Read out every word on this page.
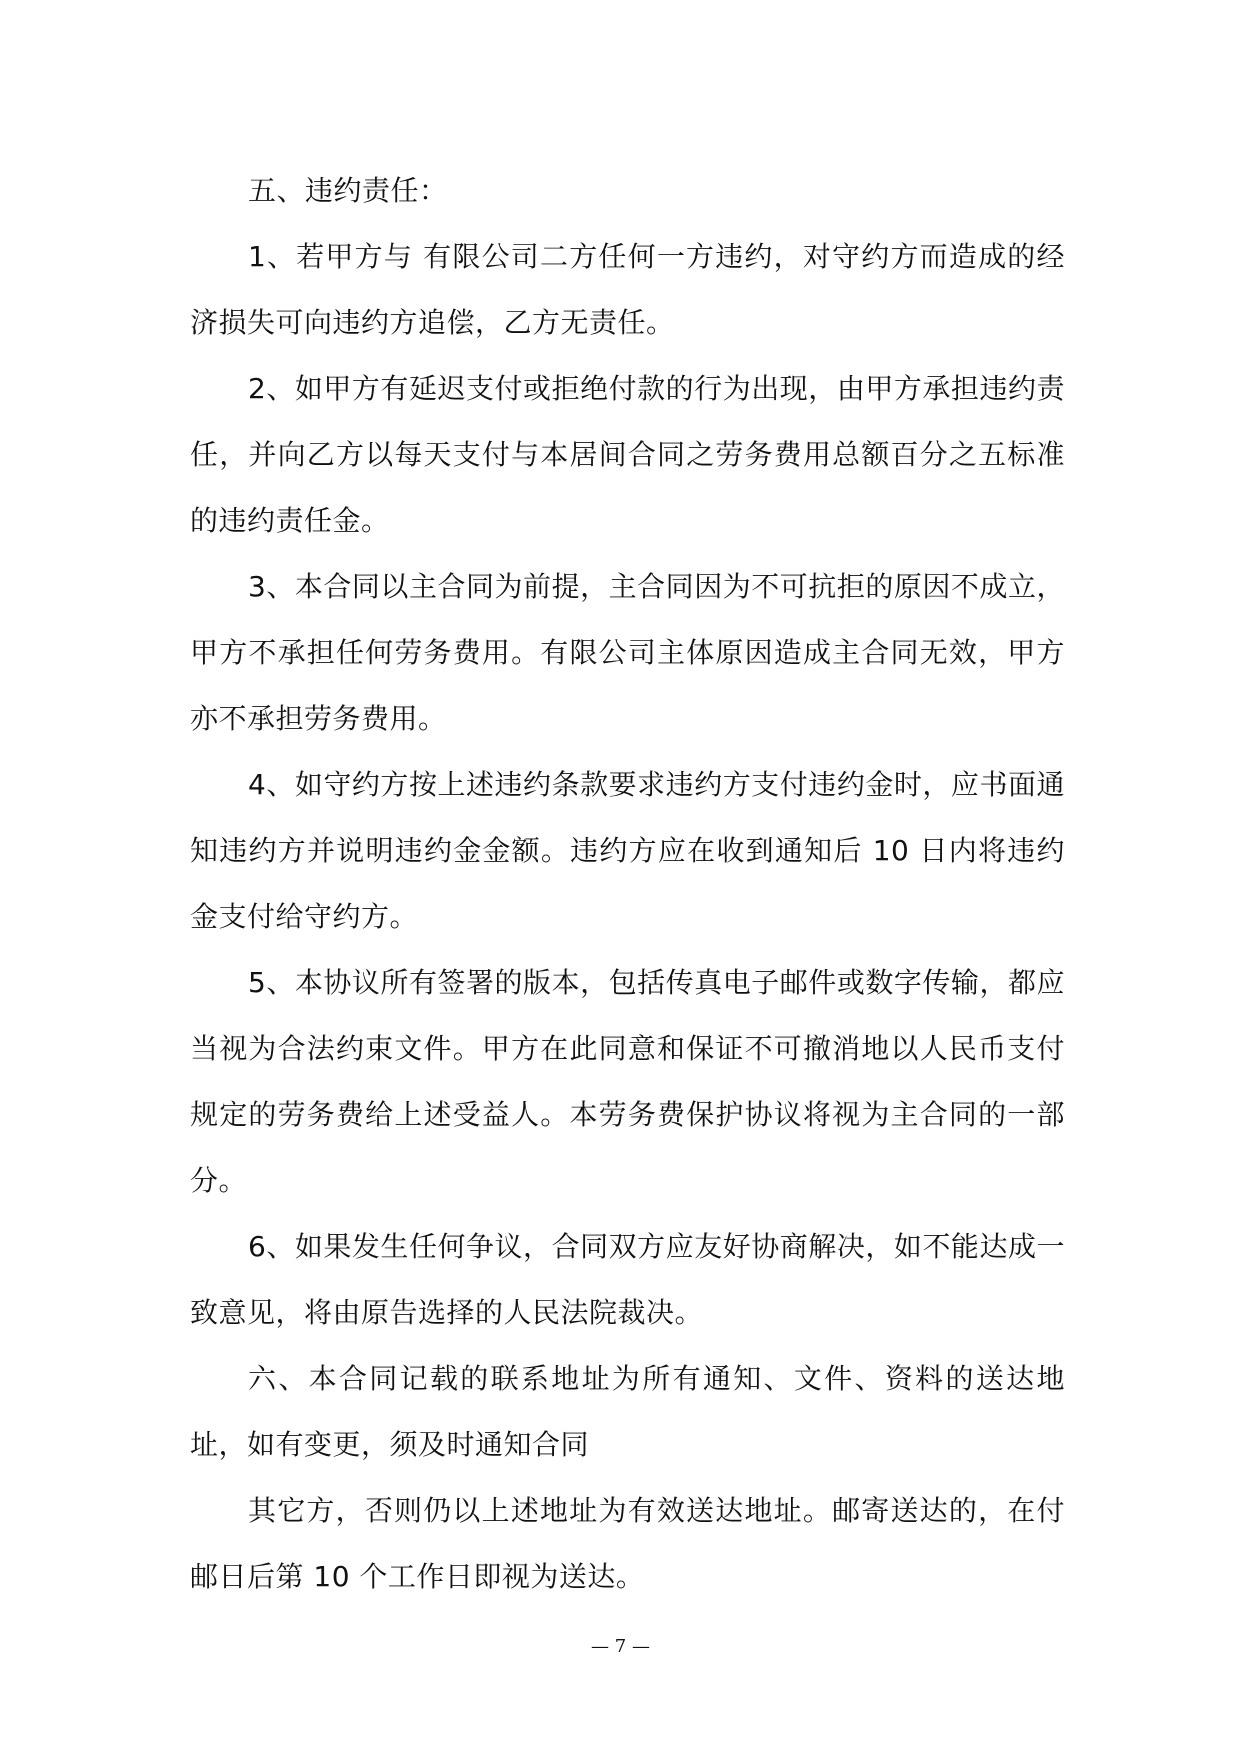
五、违约责任：

1、若甲方与 有限公司二方任何一方违约，对守约方而造成的经济损失可向违约方追偿，乙方无责任。

2、如甲方有延迟支付或拒绝付款的行为出现，由甲方承担违约责任，并向乙方以每天支付与本居间合同之劳务费用总额百分之五标准的违约责任金。

3、本合同以主合同为前提，主合同因为不可抗拒的原因不成立，甲方不承担任何劳务费用。有限公司主体原因造成主合同无效，甲方亦不承担劳务费用。

4、如守约方按上述违约条款要求违约方支付违约金时，应书面通知违约方并说明违约金金额。违约方应在收到通知后 10 日内将违约金支付给守约方。

5、本协议所有签署的版本，包括传真电子邮件或数字传输，都应当视为合法约束文件。甲方在此同意和保证不可撤消地以人民币支付规定的劳务费给上述受益人。本劳务费保护协议将视为主合同的一部分。

6、如果发生任何争议，合同双方应友好协商解决，如不能达成一致意见，将由原告选择的人民法院裁决。

六、本合同记载的联系地址为所有通知、文件、资料的送达地址，如有变更，须及时通知合同

其它方，否则仍以上述地址为有效送达地址。邮寄送达的，在付邮日后第 10 个工作日即视为送达。

— 7 —
